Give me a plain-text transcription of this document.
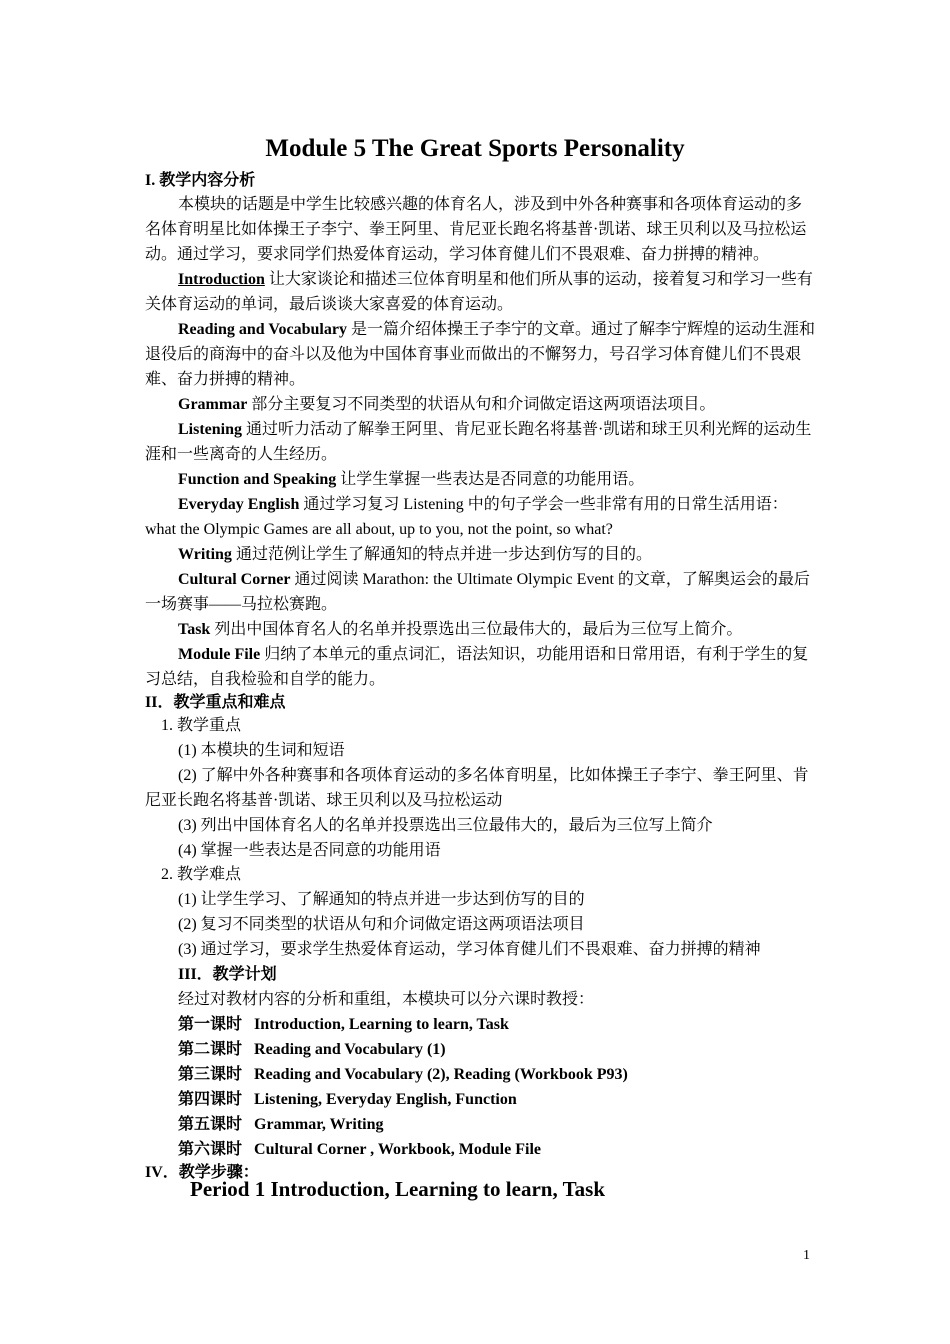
Module 5 The Great Sports Personality
I. 教学内容分析

本模块的话题是中学生比较感兴趣的体育名人，涉及到中外各种赛事和各项体育运动的多名体育明星比如体操王子李宁、拳王阿里、肯尼亚长跑名将基普·凯诺、球王贝利以及马拉松运动。通过学习，要求同学们热爱体育运动，学习体育健儿们不畏艰难、奋力拼搏的精神。

Introduction 让大家谈论和描述三位体育明星和他们所从事的运动，接着复习和学习一些有关体育运动的单词，最后谈谈大家喜爱的体育运动。

Reading and Vocabulary 是一篇介绍体操王子李宁的文章。通过了解李宁辉煌的运动生涯和退役后的商海中的奋斗以及他为中国体育事业而做出的不懈努力，号召学习体育健儿们不畏艰难、奋力拼搏的精神。

Grammar 部分主要复习不同类型的状语从句和介词做定语这两项语法项目。

Listening 通过听力活动了解拳王阿里、肯尼亚长跑名将基普·凯诺和球王贝利光辉的运动生涯和一些离奇的人生经历。

Function and Speaking 让学生掌握一些表达是否同意的功能用语。

Everyday English 通过学习复习 Listening 中的句子学会一些非常有用的日常生活用语：what the Olympic Games are all about, up to you, not the point, so what?

Writing 通过范例让学生了解通知的特点并进一步达到仿写的目的。

Cultural Corner 通过阅读 Marathon: the Ultimate Olympic Event 的文章，了解奥运会的最后一场赛事——马拉松赛跑。

Task 列出中国体育名人的名单并投票选出三位最伟大的，最后为三位写上简介。

Module File 归纳了本单元的重点词汇，语法知识，功能用语和日常用语，有利于学生的复习总结，自我检验和自学的能力。

II．教学重点和难点
1. 教学重点
(1) 本模块的生词和短语
(2) 了解中外各种赛事和各项体育运动的多名体育明星，比如体操王子李宁、拳王阿里、肯尼亚长跑名将基普·凯诺、球王贝利以及马拉松运动
(3) 列出中国体育名人的名单并投票选出三位最伟大的，最后为三位写上简介
(4) 掌握一些表达是否同意的功能用语
2. 教学难点
(1) 让学生学习、了解通知的特点并进一步达到仿写的目的
(2) 复习不同类型的状语从句和介词做定语这两项语法项目
(3) 通过学习，要求学生热爱体育运动，学习体育健儿们不畏艰难、奋力拼搏的精神
III．教学计划
经过对教材内容的分析和重组，本模块可以分六课时教授：
第一课时 Introduction, Learning to learn, Task
第二课时 Reading and Vocabulary (1)
第三课时 Reading and Vocabulary (2), Reading (Workbook P93)
第四课时 Listening, Everyday English, Function
第五课时 Grammar, Writing
第六课时 Cultural Corner , Workbook, Module File
IV．教学步骤：
Period 1 Introduction, Learning to learn, Task
1
